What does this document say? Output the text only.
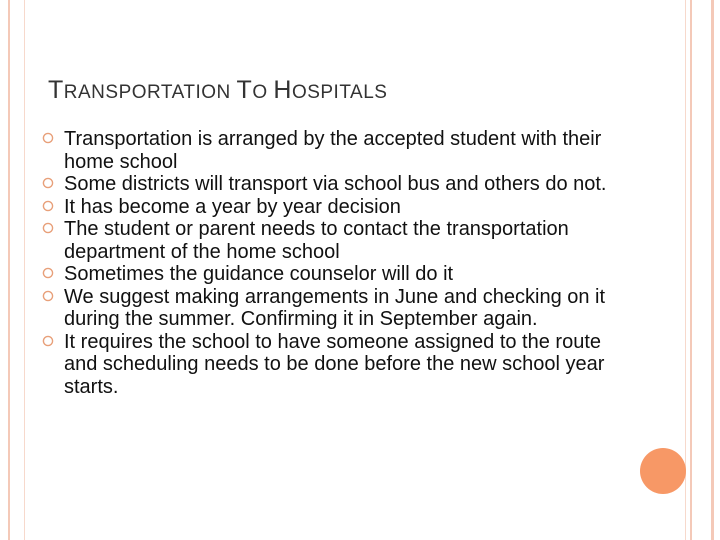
TRANSPORTATION TO HOSPITALS
Transportation is arranged by the accepted student with their home school
Some districts will transport via school bus and others do not.
It has become a year by year decision
The student or parent needs to contact the transportation department of the home school
Sometimes the guidance counselor will do it
We suggest making arrangements in June and checking on it during the summer. Confirming it in September again.
It requires the school to have someone assigned to the route and scheduling needs to be done before the new school year starts.
